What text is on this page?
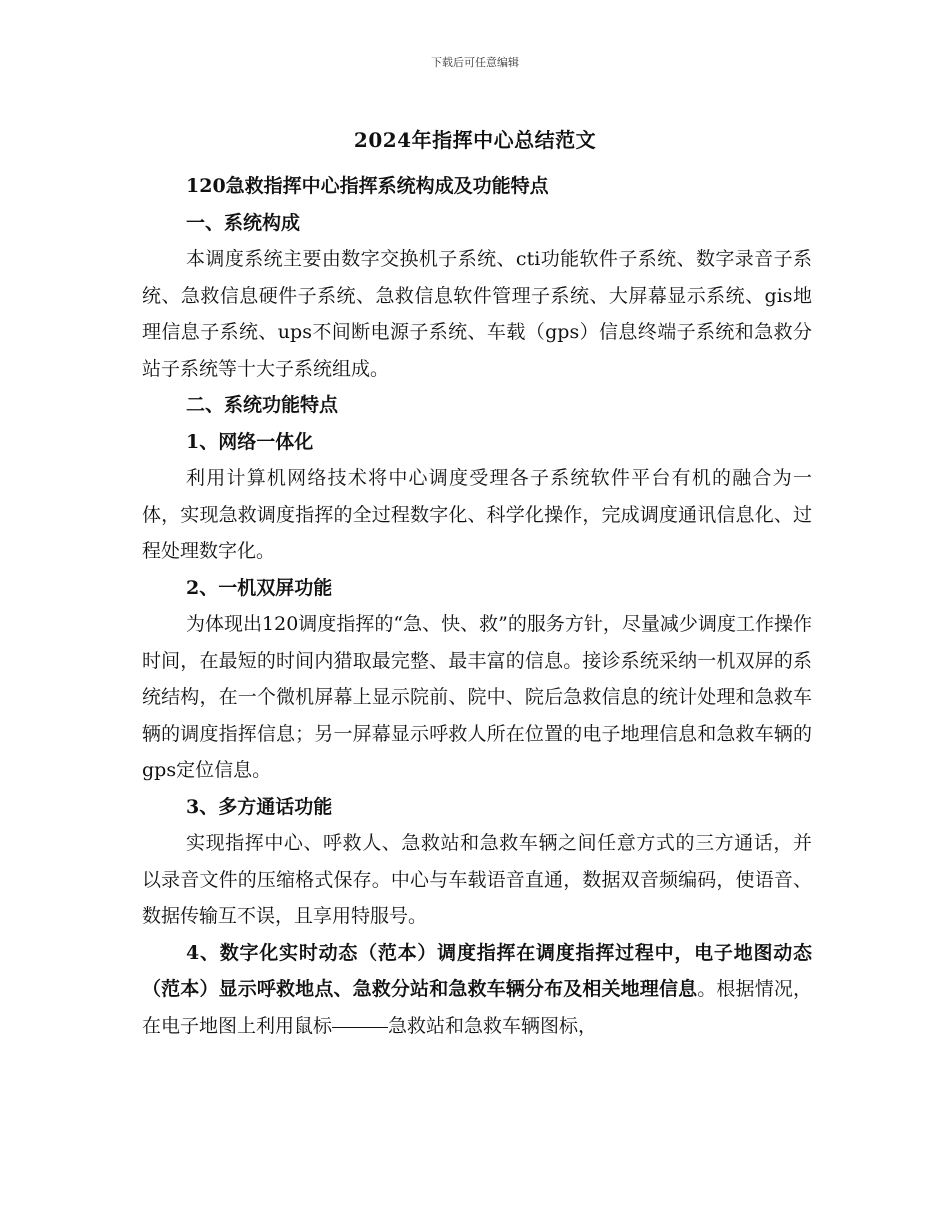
下载后可任意编辑
2024年指挥中心总结范文

120急救指挥中心指挥系统构成及功能特点

一、系统构成

本调度系统主要由数字交换机子系统、cti功能软件子系统、数字录音子系统、急救信息硬件子系统、急救信息软件管理子系统、大屏幕显示系统、gis地理信息子系统、ups不间断电源子系统、车载（gps）信息终端子系统和急救分站子系统等十大子系统组成。

二、系统功能特点

1、网络一体化

利用计算机网络技术将中心调度受理各子系统软件平台有机的融合为一体，实现急救调度指挥的全过程数字化、科学化操作，完成调度通讯信息化、过程处理数字化。

2、一机双屏功能

为体现出120调度指挥的“急、快、救”的服务方针，尽量减少调度工作操作时间，在最短的时间内猎取最完整、最丰富的信息。接诊系统采纳一机双屏的系统结构，在一个微机屏幕上显示院前、院中、院后急救信息的统计处理和急救车辆的调度指挥信息；另一屏幕显示呼救人所在位置的电子地理信息和急救车辆的gps定位信息。

3、多方通话功能

实现指挥中心、呼救人、急救站和急救车辆之间任意方式的三方通话，并以录音文件的压缩格式保存。中心与车载语音直通，数据双音频编码，使语音、数据传输互不误，且享用特服号。

4、数字化实时动态（范本）调度指挥在调度指挥过程中，电子地图动态（范本）显示呼救地点、急救分站和急救车辆分布及相关地理信息。根据情况，在电子地图上利用鼠标	急救站和急救车辆图标，
